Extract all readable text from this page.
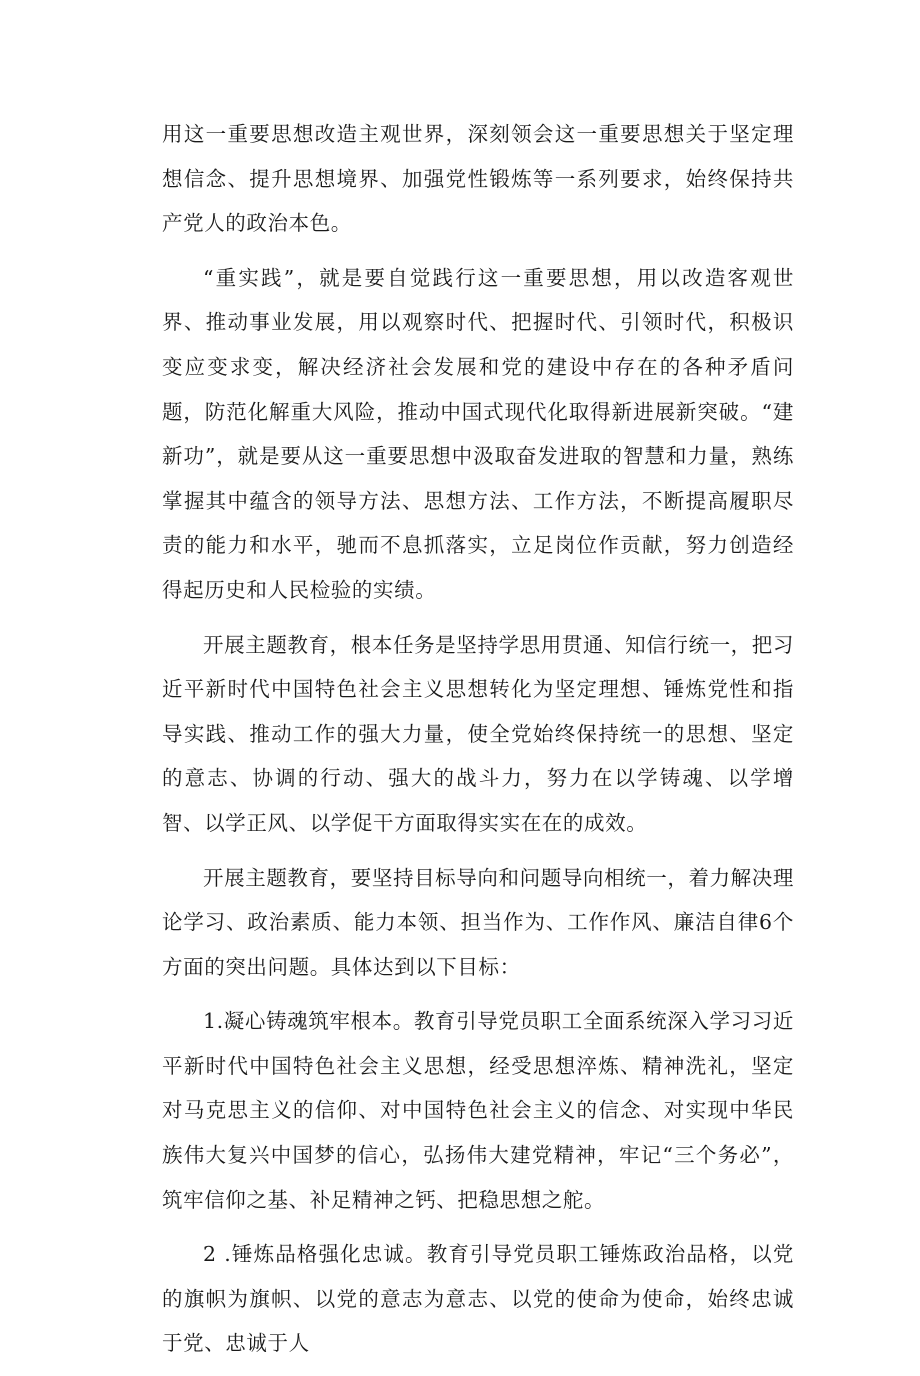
用这一重要思想改造主观世界，深刻领会这一重要思想关于坚定理想信念、提升思想境界、加强党性锻炼等一系列要求，始终保持共产党人的政治本色。

“重实践”，就是要自觉践行这一重要思想，用以改造客观世界、推动事业发展，用以观察时代、把握时代、引领时代，积极识变应变求变，解决经济社会发展和党的建设中存在的各种矛盾问题，防范化解重大风险，推动中国式现代化取得新进展新突破。“建新功”，就是要从这一重要思想中汲取奋发进取的智慧和力量，熟练掌握其中蕴含的领导方法、思想方法、工作方法，不断提高履职尽责的能力和水平，驰而不息抓落实，立足岗位作贡献，努力创造经得起历史和人民检验的实绩。

开展主题教育，根本任务是坚持学思用贯通、知信行统一，把习近平新时代中国特色社会主义思想转化为坚定理想、锤炼党性和指导实践、推动工作的强大力量，使全党始终保持统一的思想、坚定的意志、协调的行动、强大的战斗力，努力在以学铸魂、以学增智、以学正风、以学促干方面取得实实在在的成效。

开展主题教育，要坚持目标导向和问题导向相统一，着力解决理论学习、政治素质、能力本领、担当作为、工作作风、廉洁自律6个方面的突出问题。具体达到以下目标：

1.凝心铸魂筑牢根本。教育引导党员职工全面系统深入学习习近平新时代中国特色社会主义思想，经受思想淬炼、精神洗礼，坚定对马克思主义的信仰、对中国特色社会主义的信念、对实现中华民族伟大复兴中国梦的信心，弘扬伟大建党精神，牢记“三个务必”，筑牢信仰之基、补足精神之钙、把稳思想之舵。

2 .锤炼品格强化忠诚。教育引导党员职工锤炼政治品格，以党的旗帜为旗帜、以党的意志为意志、以党的使命为使命，始终忠诚于党、忠诚于人
